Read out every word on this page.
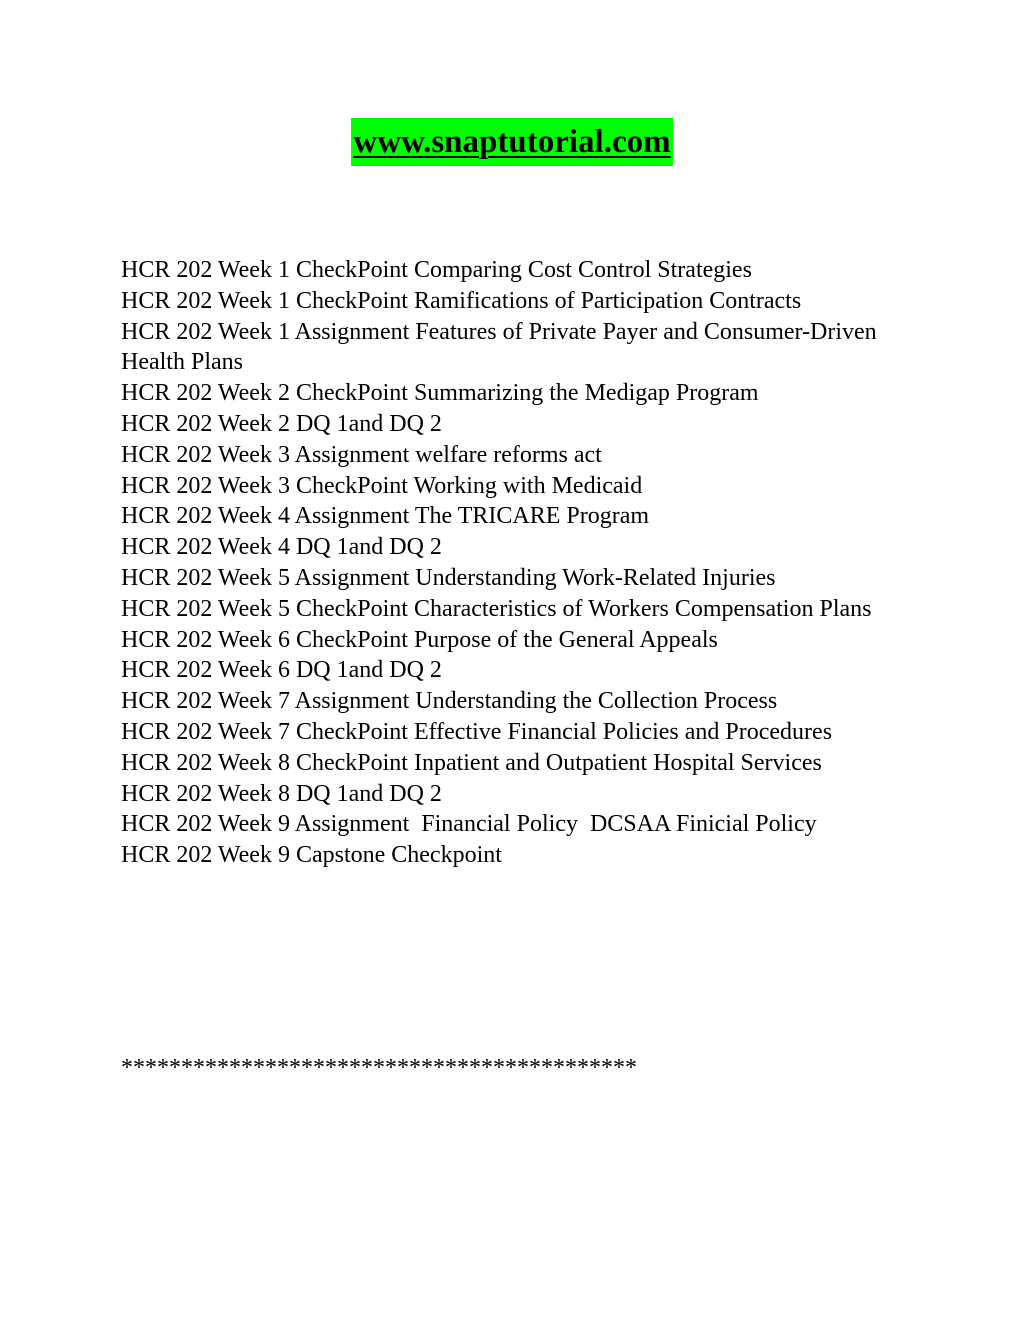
www.snaptutorial.com
HCR 202 Week 1 CheckPoint Comparing Cost Control Strategies
HCR 202 Week 1 CheckPoint Ramifications of Participation Contracts
HCR 202 Week 1 Assignment Features of Private Payer and Consumer-Driven Health Plans
HCR 202 Week 2 CheckPoint Summarizing the Medigap Program
HCR 202 Week 2 DQ 1and DQ 2
HCR 202 Week 3 Assignment welfare reforms act
HCR 202 Week 3 CheckPoint Working with Medicaid
HCR 202 Week 4 Assignment The TRICARE Program
HCR 202 Week 4 DQ 1and DQ 2
HCR 202 Week 5 Assignment Understanding Work-Related Injuries
HCR 202 Week 5 CheckPoint Characteristics of Workers Compensation Plans
HCR 202 Week 6 CheckPoint Purpose of the General Appeals
HCR 202 Week 6 DQ 1and DQ 2
HCR 202 Week 7 Assignment Understanding the Collection Process
HCR 202 Week 7 CheckPoint Effective Financial Policies and Procedures
HCR 202 Week 8 CheckPoint Inpatient and Outpatient Hospital Services
HCR 202 Week 8 DQ 1and DQ 2
HCR 202 Week 9 Assignment  Financial Policy  DCSAA Finicial Policy
HCR 202 Week 9 Capstone Checkpoint
*******************************************
